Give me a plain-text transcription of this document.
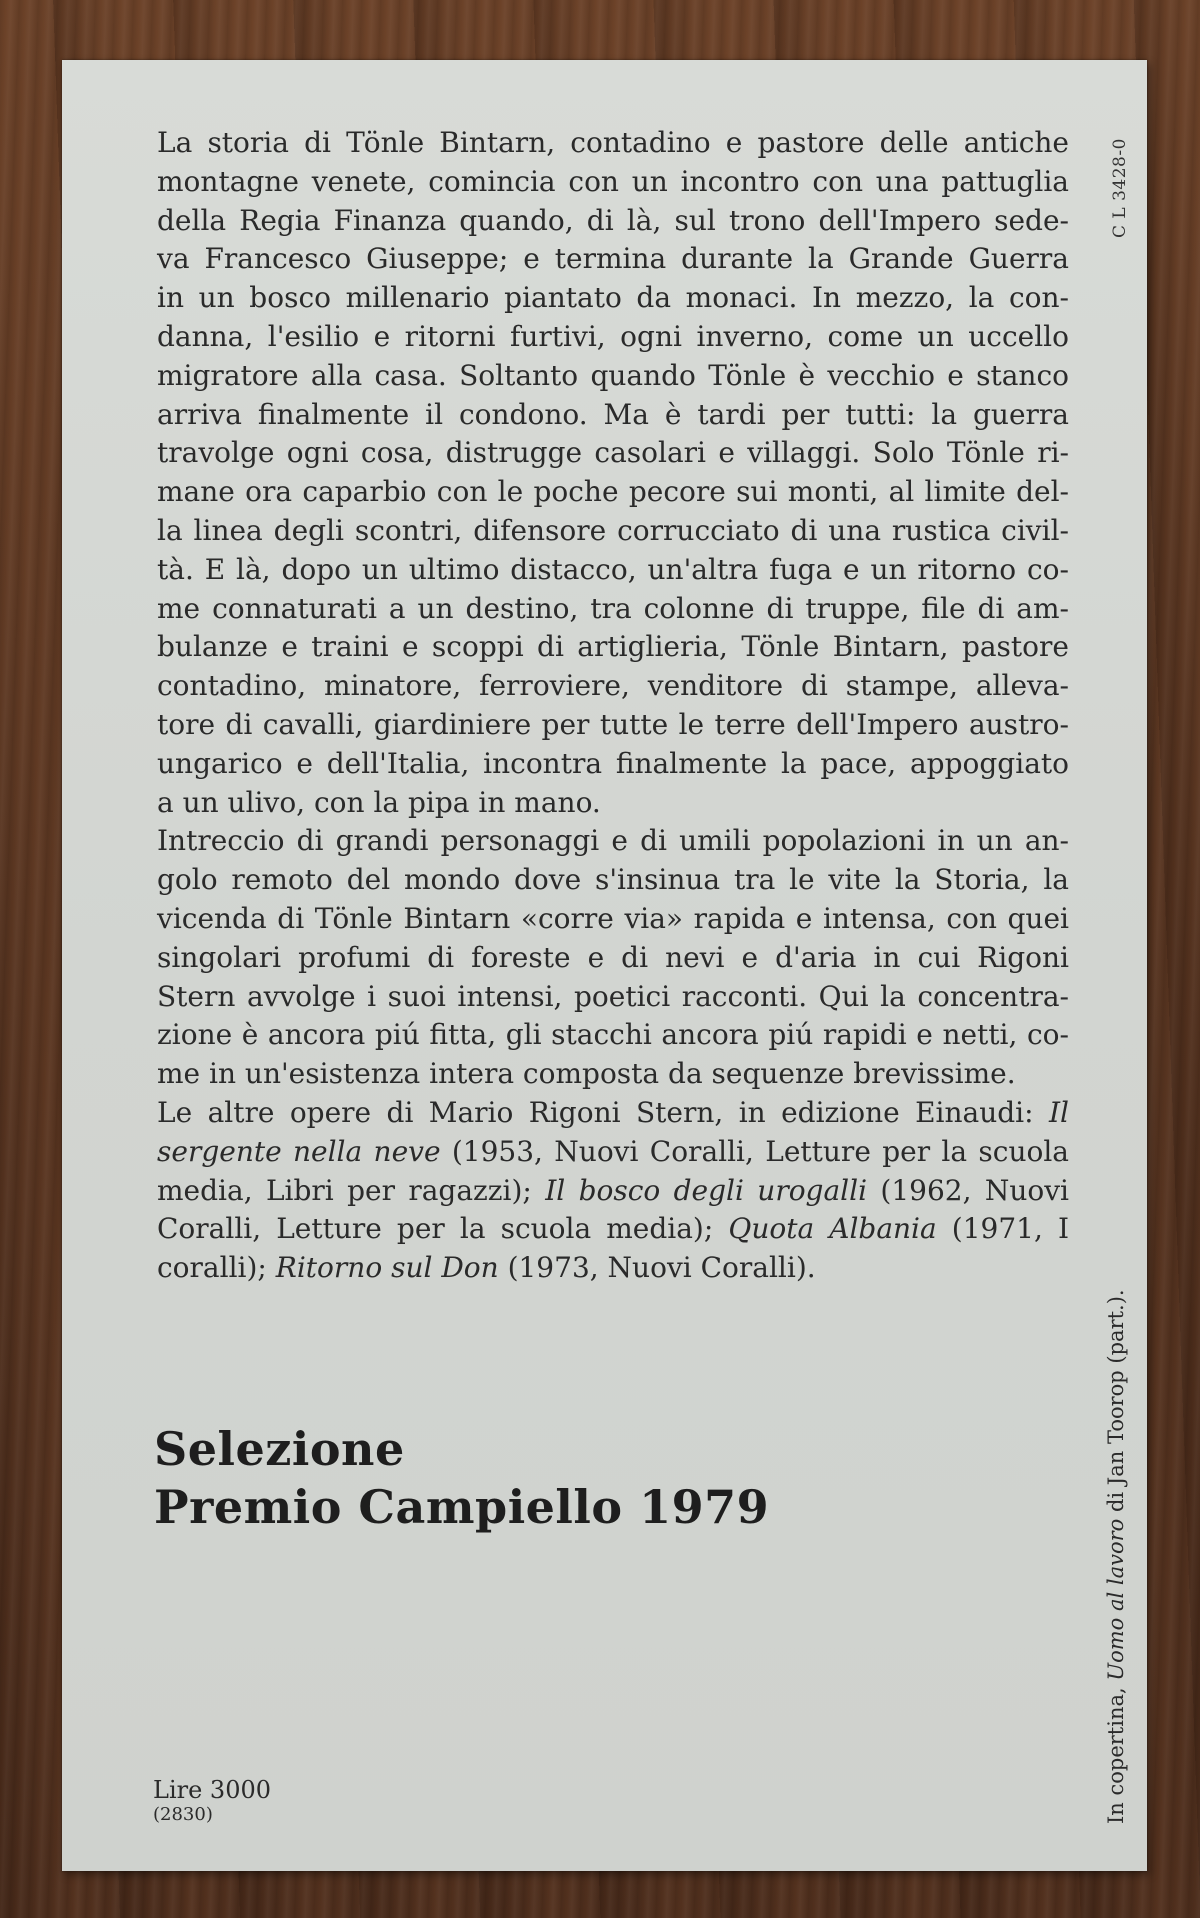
C L 3428-0

La storia di Tönle Bintarn, contadino e pastore delle antiche
montagne venete, comincia con un incontro con una pattuglia
della Regia Finanza quando, di là, sul trono dell'Impero sede-
va Francesco Giuseppe; e termina durante la Grande Guerra
in un bosco millenario piantato da monaci. In mezzo, la con-
danna, l'esilio e ritorni furtivi, ogni inverno, come un uccello
migratore alla casa. Soltanto quando Tönle è vecchio e stanco
arriva finalmente il condono. Ma è tardi per tutti: la guerra
travolge ogni cosa, distrugge casolari e villaggi. Solo Tönle ri-
mane ora caparbio con le poche pecore sui monti, al limite del-
la linea degli scontri, difensore corrucciato di una rustica civil-
tà. E là, dopo un ultimo distacco, un'altra fuga e un ritorno co-
me connaturati a un destino, tra colonne di truppe, file di am-
bulanze e traini e scoppi di artiglieria, Tönle Bintarn, pastore
contadino, minatore, ferroviere, venditore di stampe, alleva-
tore di cavalli, giardiniere per tutte le terre dell'Impero austro-
ungarico e dell'Italia, incontra finalmente la pace, appoggiato
a un ulivo, con la pipa in mano.

Intreccio di grandi personaggi e di umili popolazioni in un an-
golo remoto del mondo dove s'insinua tra le vite la Storia, la
vicenda di Tönle Bintarn «corre via» rapida e intensa, con quei
singolari profumi di foreste e di nevi e d'aria in cui Rigoni
Stern avvolge i suoi intensi, poetici racconti. Qui la concentra-
zione è ancora piú fitta, gli stacchi ancora piú rapidi e netti, co-
me in un'esistenza intera composta da sequenze brevissime.

Le altre opere di Mario Rigoni Stern, in edizione Einaudi: Il sergente nella neve (1953, Nuovi Coralli, Letture per la scuola media, Libri per ragazzi); Il bosco degli urogalli (1962, Nuovi Coralli, Letture per la scuola media); Quota Albania (1971, I coralli); Ritorno sul Don (1973, Nuovi Coralli).

Selezione
Premio Campiello 1979
Lire 3000
(2830)	In copertina, Uomo al lavoro di Jan Toorop (part.).
